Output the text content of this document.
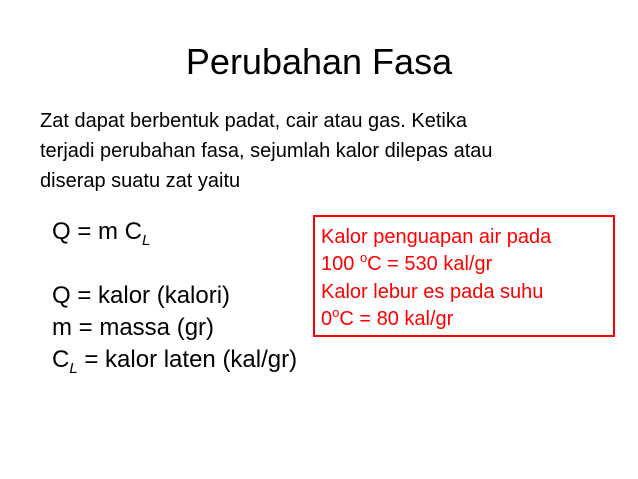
Perubahan Fasa
Zat dapat berbentuk padat, cair atau gas. Ketika
terjadi perubahan fasa, sejumlah kalor dilepas atau
diserap suatu zat yaitu
Q = m $C_L$
Q = kalor (kalori)
m = massa (gr)
$C_L$ = kalor laten (kal/gr)
Kalor penguapan air pada
100 $^o$C = 530 kal/gr
Kalor lebur es pada suhu
$0^oC = 80$ kal/gr
